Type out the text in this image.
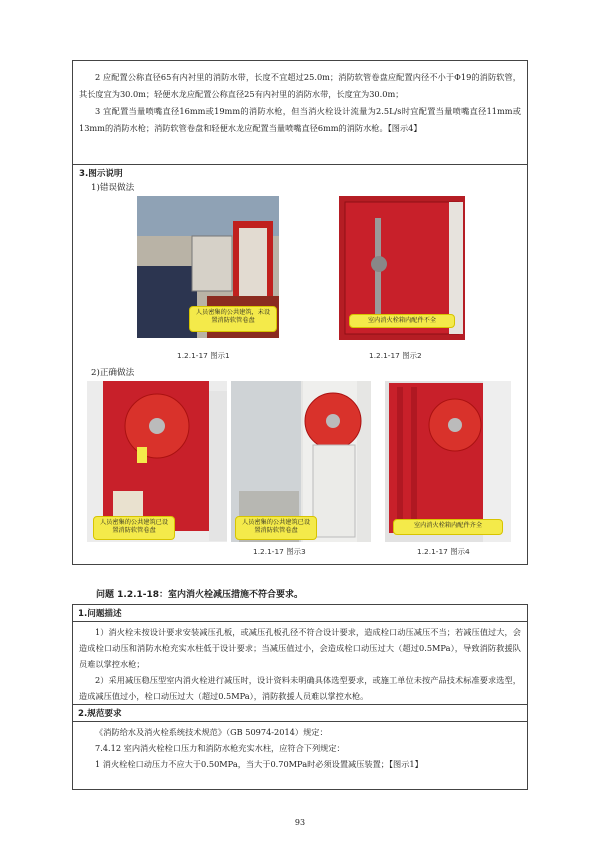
2 应配置公称直径65有内衬里的消防水带，长度不宜超过25.0m；消防软管卷盘应配置内径不小于Φ19的消防软管，其长度宜为30.0m；轻便水龙应配置公称直径25有内衬里的消防水带，长度宜为30.0m；

3 宜配置当量喷嘴直径16mm或19mm的消防水枪，但当消火栓设计流量为2.5L/s时宜配置当量喷嘴直径11mm或13mm的消防水枪；消防软管卷盘和轻便水龙应配置当量喷嘴直径6mm的消防水枪。【图示4】

3.图示说明
1)错误做法
人员密集的公共建筑，未设置消防软管卷盘
1.2.1-17 图示1
室内消火栓箱内配件不全
1.2.1-17 图示2
2)正确做法
人员密集的公共建筑已设置消防软管卷盘
人员密集的公共建筑已设置消防软管卷盘
1.2.1-17 图示3
室内消火栓箱内配件齐全
1.2.1-17 图示4
问题 1.2.1-18：室内消火栓减压措施不符合要求。
1.问题描述

1）消火栓未按设计要求安装减压孔板，或减压孔板孔径不符合设计要求，造成栓口动压减压不当；若减压值过大，会造成栓口动压和消防水枪充实水柱低于设计要求；当减压值过小，会造成栓口动压过大（超过0.5MPa），导致消防救援队员难以掌控水枪；

2）采用减压稳压型室内消火栓进行减压时，设计资料未明确具体选型要求，或施工单位未按产品技术标准要求选型，造成减压值过小，栓口动压过大（超过0.5MPa），消防救援人员难以掌控水枪。

2.规范要求

《消防给水及消火栓系统技术规范》（GB 50974-2014）规定：

7.4.12 室内消火栓栓口压力和消防水枪充实水柱，应符合下列规定：

1 消火栓栓口动压力不应大于0.50MPa，当大于0.70MPa时必须设置减压装置；【图示1】

93
